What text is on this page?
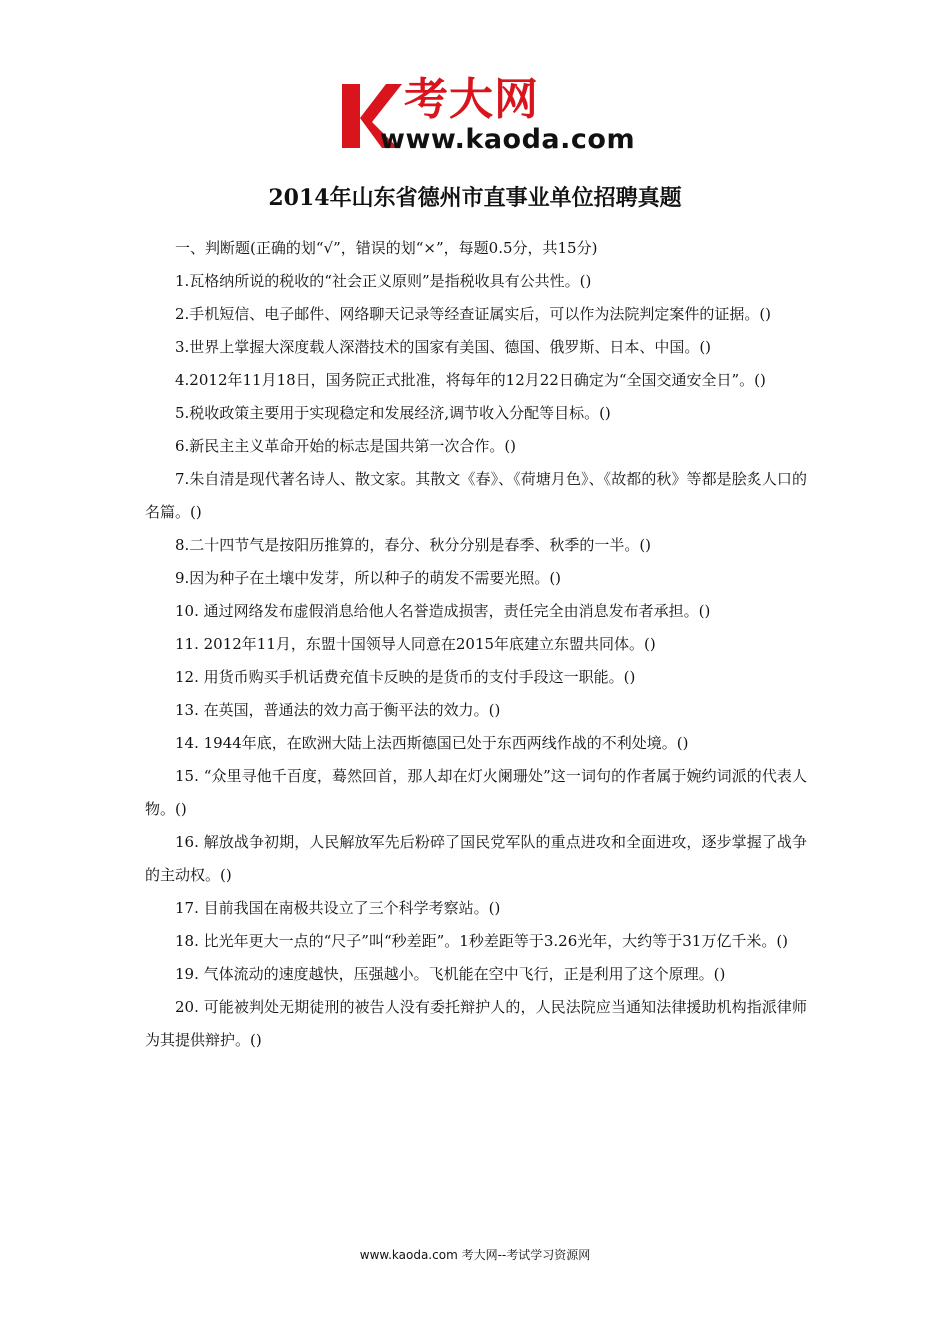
考大网
www.kaoda.com
2014年山东省德州市直事业单位招聘真题

一、判断题(正确的划“√”，错误的划“×”，每题0.5分，共15分)

1.瓦格纳所说的税收的“社会正义原则”是指税收具有公共性。()

2.手机短信、电子邮件、网络聊天记录等经查证属实后，可以作为法院判定案件的证据。()

3.世界上掌握大深度载人深潜技术的国家有美国、德国、俄罗斯、日本、中国。()

4.2012年11月18日，国务院正式批准，将每年的12月22日确定为“全国交通安全日”。()

5.税收政策主要用于实现稳定和发展经济,调节收入分配等目标。()

6.新民主主义革命开始的标志是国共第一次合作。()

7.朱自清是现代著名诗人、散文家。其散文《春》、《荷塘月色》、《故都的秋》等都是脍炙人口的名篇。()

8.二十四节气是按阳历推算的，春分、秋分分别是春季、秋季的一半。()

9.因为种子在土壤中发芽，所以种子的萌发不需要光照。()

10. 通过网络发布虚假消息给他人名誉造成损害，责任完全由消息发布者承担。()

11. 2012年11月，东盟十国领导人同意在2015年底建立东盟共同体。()

12. 用货币购买手机话费充值卡反映的是货币的支付手段这一职能。()

13. 在英国，普通法的效力高于衡平法的效力。()

14. 1944年底，在欧洲大陆上法西斯德国已处于东西两线作战的不利处境。()

15. “众里寻他千百度，蓦然回首，那人却在灯火阑珊处”这一词句的作者属于婉约词派的代表人物。()

16. 解放战争初期，人民解放军先后粉碎了国民党军队的重点进攻和全面进攻，逐步掌握了战争的主动权。()

17. 目前我国在南极共设立了三个科学考察站。()

18. 比光年更大一点的“尺子”叫“秒差距”。1秒差距等于3.26光年，大约等于31万亿千米。()

19. 气体流动的速度越快，压强越小。飞机能在空中飞行，正是利用了这个原理。()

20. 可能被判处无期徒刑的被告人没有委托辩护人的，人民法院应当通知法律援助机构指派律师为其提供辩护。()

www.kaoda.com 考大网--考试学习资源网
